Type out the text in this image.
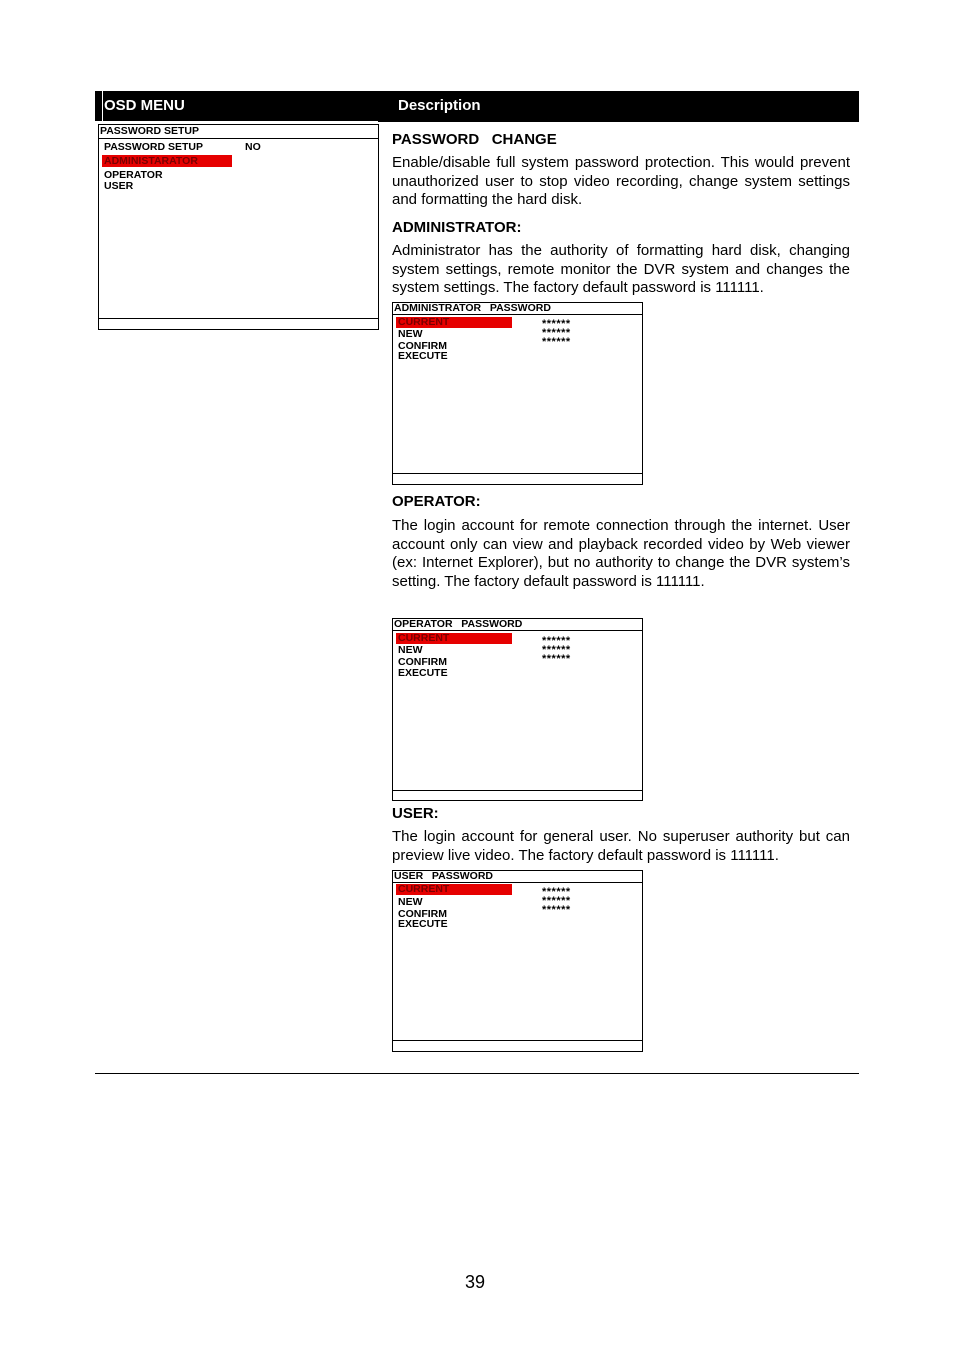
OSD MENU	Description
PASSWORD SETUP
PASSWORD SETUP	NO
ADMINISTARATOR
OPERATOR
USER
PASSWORD   CHANGE
Enable/disable full system password protection. This would prevent unauthorized user to stop video recording, change system settings and formatting the hard disk.
ADMINISTRATOR:
Administrator has the authority of formatting hard disk, changing system settings, remote monitor the DVR system and changes the system settings. The factory default password is 111111.
ADMINISTRATOR   PASSWORD
CURRENT
NEW
CONFIRM
EXECUTE
******
******
******
OPERATOR:
The login account for remote connection through the internet. User account only can view and playback recorded video by Web viewer (ex: Internet Explorer), but no authority to change the DVR system’s setting. The factory default password is 111111.
OPERATOR   PASSWORD
CURRENT
NEW
CONFIRM
EXECUTE
******
******
******
USER:
The login account for general user. No superuser authority but can preview live video. The factory default password is 111111.
USER   PASSWORD
CURRENT
NEW
CONFIRM
EXECUTE
******
******
******
39
